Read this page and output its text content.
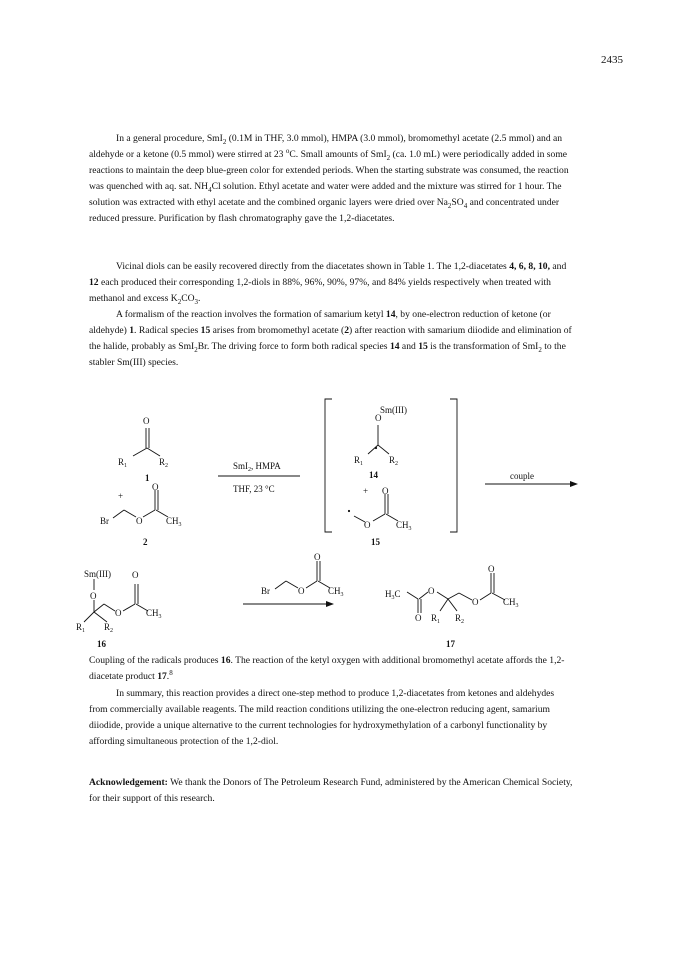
2435

In a general procedure, SmI$_2$ (0.1M in THF, 3.0 mmol), HMPA (3.0 mmol), bromomethyl acetate (2.5 mmol) and an aldehyde or a ketone (0.5 mmol) were stirred at 23 $^o$C. Small amounts of SmI$_2$ (ca. 1.0 mL) were periodically added in some reactions to maintain the deep blue-green color for extended periods. When the starting substrate was consumed, the reaction was quenched with aq. sat. $NH_4Cl$ solution. Ethyl acetate and water were added and the mixture was stirred for 1 hour. The solution was extracted with ethyl acetate and the combined organic layers were dried over $Na_2SO_4$ and concentrated under reduced pressure. Purification by flash chromatography gave the 1,2-diacetates.

Vicinal diols can be easily recovered directly from the diacetates shown in Table 1. The 1,2-diacetates 4, 6, 8, 10, and 12 each produced their corresponding 1,2-diols in 88%, 96%, 90%, 97%, and 84% yields respectively when treated with methanol and excess $K_2CO_3$.

A formalism of the reaction involves the formation of samarium ketyl 14, by one-electron reduction of ketone (or aldehyde) 1. Radical species 15 arises from bromomethyl acetate (2) after reaction with samarium diiodide and elimination of the halide, probably as SmI$_2$Br. The driving force to form both radical species 14 and 15 is the transformation of SmI$_2$ to the stabler Sm(III) species.

O
$R_1$	$R_2$
1
+
O
Br	O	$CH_3$
2
SmI$_2$, HMPA
THF, 23 °C
O
Sm(III)
$R_1$	$R_2$
14
+ O
O	$CH_3$
15
couple
Sm(III)
O
O
O	$CH_3$
$R_1$ $R_2$
16
O
Br	O	$CH_3$	$H_3C$	O
O
O
O	$CH_3$
$R_1$ $R_2$
17

Coupling of the radicals produces 16. The reaction of the ketyl oxygen with additional bromomethyl acetate affords the 1,2-diacetate product 17.$^8$

In summary, this reaction provides a direct one-step method to produce 1,2-diacetates from ketones and aldehydes from commercially available reagents. The mild reaction conditions utilizing the one-electron reducing agent, samarium diiodide, provide a unique alternative to the current technologies for hydroxymethylation of a carbonyl functionality by affording simultaneous protection of the 1,2-diol.

Acknowledgement: We thank the Donors of The Petroleum Research Fund, administered by the American Chemical Society, for their support of this research.
